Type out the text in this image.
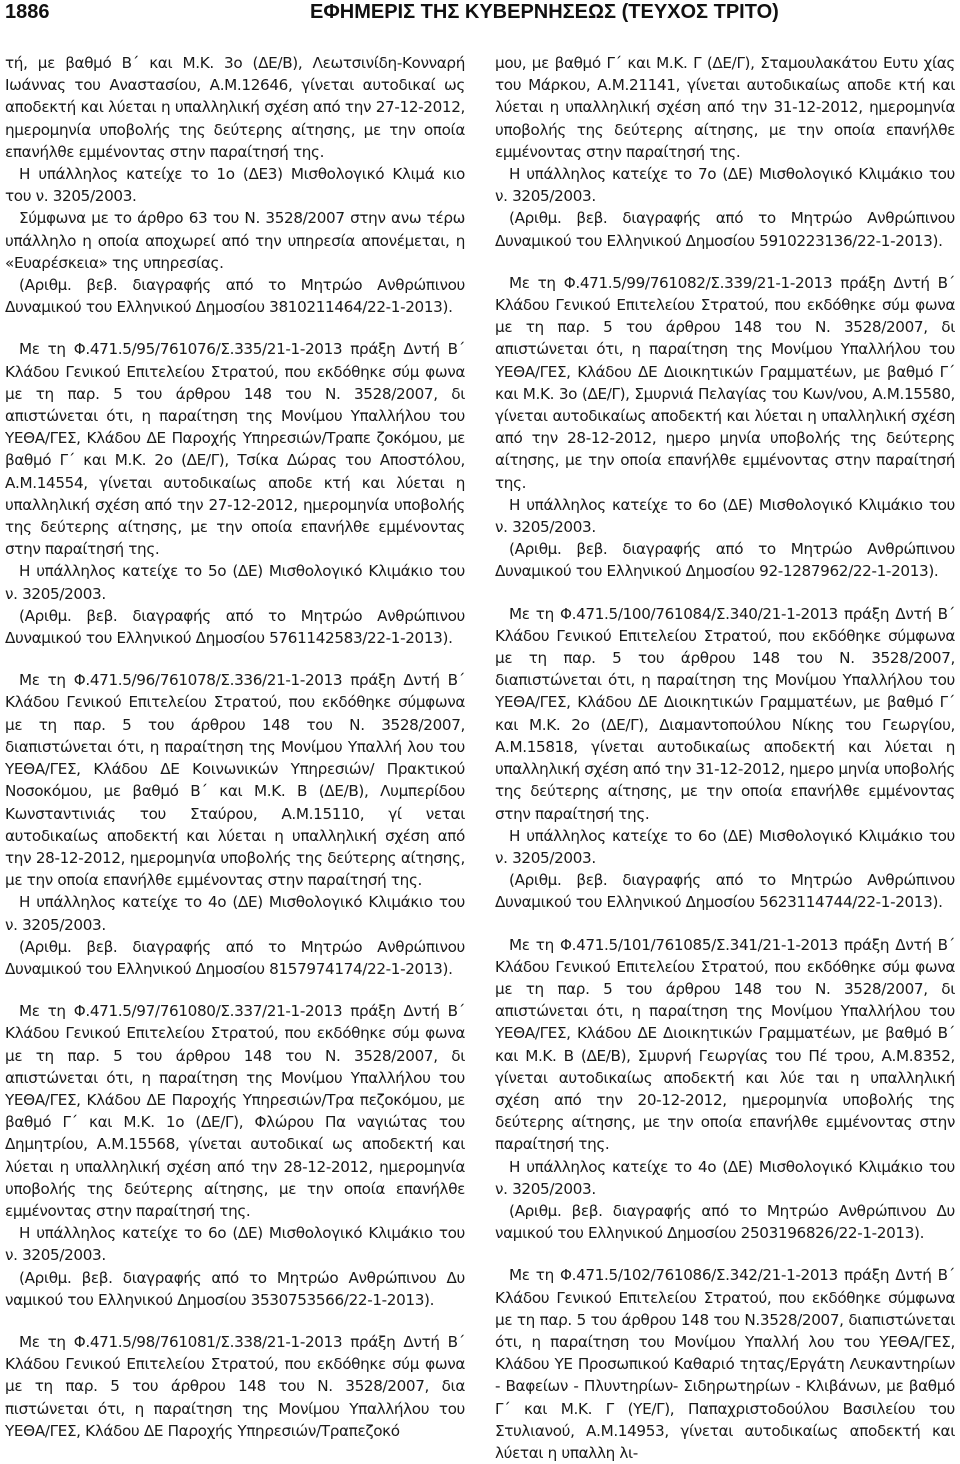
1886	ΕΦΗΜΕΡΙΣ ΤΗΣ ΚΥΒΕΡΝΗΣΕΩΣ (ΤΕΥΧΟΣ ΤΡΙΤΟ)

τή, με βαθμό Β΄ και Μ.Κ. 3ο (ΔΕ/Β), Λεωτσινίδη-Κονναρή Ιωάννας του Αναστασίου, Α.Μ.12646, γίνεται αυτοδικαί ως αποδεκτή και λύεται η υπαλληλική σχέση από την 27-12-2012, ημερομηνία υποβολής της δεύτερης αίτησης, με την οποία επανήλθε εμμένοντας στην παραίτησή της.

Η υπάλληλος κατείχε το 1ο (ΔΕ3) Μισθολογικό Κλιμά κιο του ν. 3205/2003.

Σύμφωνα με το άρθρο 63 του Ν. 3528/2007 στην ανω τέρω υπάλληλο η οποία αποχωρεί από την υπηρεσία απονέμεται, η «Ευαρέσκεια» της υπηρεσίας.

(Αριθμ. βεβ. διαγραφής από το Μητρώο Ανθρώπινου Δυναμικού του Ελληνικού Δημοσίου 3810211464/22-1-2013).

Με τη Φ.471.5/95/761076/Σ.335/21-1-2013 πράξη Δντή Β΄ Κλάδου Γενικού Επιτελείου Στρατού, που εκδόθηκε σύμ φωνα με τη παρ. 5 του άρθρου 148 του Ν. 3528/2007, δι απιστώνεται ότι, η παραίτηση της Μονίμου Υπαλλήλου του ΥΕΘΑ/ΓΕΣ, Κλάδου ΔΕ Παροχής Υπηρεσιών/Τραπε ζοκόμου, με βαθμό Γ΄ και Μ.Κ. 2ο (ΔΕ/Γ), Τσίκα Δώρας του Αποστόλου, Α.Μ.14554, γίνεται αυτοδικαίως αποδε κτή και λύεται η υπαλληλική σχέση από την 27-12-2012, ημερομηνία υποβολής της δεύτερης αίτησης, με την οποία επανήλθε εμμένοντας στην παραίτησή της.

Η υπάλληλος κατείχε το 5ο (ΔΕ) Μισθολογικό Κλιμάκιο του ν. 3205/2003.

(Αριθμ. βεβ. διαγραφής από το Μητρώο Ανθρώπινου Δυναμικού του Ελληνικού Δημοσίου 5761142583/22-1-2013).

Με τη Φ.471.5/96/761078/Σ.336/21-1-2013 πράξη Δντή Β΄ Κλάδου Γενικού Επιτελείου Στρατού, που εκδόθηκε σύμφωνα με τη παρ. 5 του άρθρου 148 του Ν. 3528/2007, διαπιστώνεται ότι, η παραίτηση της Μονίμου Υπαλλή λου του ΥΕΘΑ/ΓΕΣ, Κλάδου ΔΕ Κοινωνικών Υπηρεσιών/ Πρακτικού Νοσοκόμου, με βαθμό Β΄ και Μ.Κ. Β (ΔΕ/Β), Λυμπερίδου Κωνσταντινιάς του Σταύρου, Α.Μ.15110, γί νεται αυτοδικαίως αποδεκτή και λύεται η υπαλληλική σχέση από την 28-12-2012, ημερομηνία υποβολής της δεύτερης αίτησης, με την οποία επανήλθε εμμένοντας στην παραίτησή της.

Η υπάλληλος κατείχε το 4ο (ΔΕ) Μισθολογικό Κλιμάκιο του ν. 3205/2003.

(Αριθμ. βεβ. διαγραφής από το Μητρώο Ανθρώπινου Δυναμικού του Ελληνικού Δημοσίου 8157974174/22-1-2013).

Με τη Φ.471.5/97/761080/Σ.337/21-1-2013 πράξη Δντή Β΄ Κλάδου Γενικού Επιτελείου Στρατού, που εκδόθηκε σύμ φωνα με τη παρ. 5 του άρθρου 148 του Ν. 3528/2007, δι απιστώνεται ότι, η παραίτηση της Μονίμου Υπαλλήλου του ΥΕΘΑ/ΓΕΣ, Κλάδου ΔΕ Παροχής Υπηρεσιών/Τρα πεζοκόμου, με βαθμό Γ΄ και Μ.Κ. 1ο (ΔΕ/Γ), Φλώρου Πα ναγιώτας του Δημητρίου, Α.Μ.15568, γίνεται αυτοδικαί ως αποδεκτή και λύεται η υπαλληλική σχέση από την 28-12-2012, ημερομηνία υποβολής της δεύτερης αίτησης, με την οποία επανήλθε εμμένοντας στην παραίτησή της.

Η υπάλληλος κατείχε το 6ο (ΔΕ) Μισθολογικό Κλιμάκιο του ν. 3205/2003.

(Αριθμ. βεβ. διαγραφής από το Μητρώο Ανθρώπινου Δυ ναμικού του Ελληνικού Δημοσίου 3530753566/22-1-2013).

Με τη Φ.471.5/98/761081/Σ.338/21-1-2013 πράξη Δντή Β΄ Κλάδου Γενικού Επιτελείου Στρατού, που εκδόθηκε σύμ φωνα με τη παρ. 5 του άρθρου 148 του Ν. 3528/2007, δια πιστώνεται ότι, η παραίτηση της Μονίμου Υπαλλήλου του ΥΕΘΑ/ΓΕΣ, Κλάδου ΔΕ Παροχής Υπηρεσιών/Τραπεζοκό

μου, με βαθμό Γ΄ και Μ.Κ. Γ (ΔΕ/Γ), Σταμουλακάτου Ευτυ χίας του Μάρκου, Α.Μ.21141, γίνεται αυτοδικαίως αποδε κτή και λύεται η υπαλληλική σχέση από την 31-12-2012, ημερομηνία υποβολής της δεύτερης αίτησης, με την οποία επανήλθε εμμένοντας στην παραίτησή της.

Η υπάλληλος κατείχε το 7ο (ΔΕ) Μισθολογικό Κλιμάκιο του ν. 3205/2003.

(Αριθμ. βεβ. διαγραφής από το Μητρώο Ανθρώπινου Δυναμικού του Ελληνικού Δημοσίου 5910223136/22-1-2013).

Με τη Φ.471.5/99/761082/Σ.339/21-1-2013 πράξη Δντή Β΄ Κλάδου Γενικού Επιτελείου Στρατού, που εκδόθηκε σύμ φωνα με τη παρ. 5 του άρθρου 148 του Ν. 3528/2007, δι απιστώνεται ότι, η παραίτηση της Μονίμου Υπαλλήλου του ΥΕΘΑ/ΓΕΣ, Κλάδου ΔΕ Διοικητικών Γραμματέων, με βαθμό Γ΄ και Μ.Κ. 3ο (ΔΕ/Γ), Σμυρνιά Πελαγίας του Κων/νου, Α.Μ.15580, γίνεται αυτοδικαίως αποδεκτή και λύεται η υπαλληλική σχέση από την 28-12-2012, ημερο μηνία υποβολής της δεύτερης αίτησης, με την οποία επανήλθε εμμένοντας στην παραίτησή της.

Η υπάλληλος κατείχε το 6ο (ΔΕ) Μισθολογικό Κλιμάκιο του ν. 3205/2003.

(Αριθμ. βεβ. διαγραφής από το Μητρώο Ανθρώπινου Δυναμικού του Ελληνικού Δημοσίου 92-1287962/22-1-2013).

Με τη Φ.471.5/100/761084/Σ.340/21-1-2013 πράξη Δντή Β΄ Κλάδου Γενικού Επιτελείου Στρατού, που εκδόθηκε σύμφωνα με τη παρ. 5 του άρθρου 148 του Ν. 3528/2007, διαπιστώνεται ότι, η παραίτηση της Μονίμου Υπαλλήλου του ΥΕΘΑ/ΓΕΣ, Κλάδου ΔΕ Διοικητικών Γραμματέων, με βαθμό Γ΄ και Μ.Κ. 2ο (ΔΕ/Γ), Διαμαντοπούλου Νίκης του Γεωργίου, Α.Μ.15818, γίνεται αυτοδικαίως αποδεκτή και λύεται η υπαλληλική σχέση από την 31-12-2012, ημερο μηνία υποβολής της δεύτερης αίτησης, με την οποία επανήλθε εμμένοντας στην παραίτησή της.

Η υπάλληλος κατείχε το 6ο (ΔΕ) Μισθολογικό Κλιμάκιο του ν. 3205/2003.

(Αριθμ. βεβ. διαγραφής από το Μητρώο Ανθρώπινου Δυναμικού του Ελληνικού Δημοσίου 5623114744/22-1-2013).

Με τη Φ.471.5/101/761085/Σ.341/21-1-2013 πράξη Δντή Β΄ Κλάδου Γενικού Επιτελείου Στρατού, που εκδόθηκε σύμ φωνα με τη παρ. 5 του άρθρου 148 του Ν. 3528/2007, δι απιστώνεται ότι, η παραίτηση της Μονίμου Υπαλλήλου του ΥΕΘΑ/ΓΕΣ, Κλάδου ΔΕ Διοικητικών Γραμματέων, με βαθμό Β΄ και Μ.Κ. Β (ΔΕ/Β), Σμυρνή Γεωργίας του Πέ τρου, Α.Μ.8352, γίνεται αυτοδικαίως αποδεκτή και λύε ται η υπαλληλική σχέση από την 20-12-2012, ημερομηνία υποβολής της δεύτερης αίτησης, με την οποία επανήλθε εμμένοντας στην παραίτησή της.

Η υπάλληλος κατείχε το 4ο (ΔΕ) Μισθολογικό Κλιμάκιο του ν. 3205/2003.

(Αριθμ. βεβ. διαγραφής από το Μητρώο Ανθρώπινου Δυ ναμικού του Ελληνικού Δημοσίου 2503196826/22-1-2013).

Με τη Φ.471.5/102/761086/Σ.342/21-1-2013 πράξη Δντή Β΄ Κλάδου Γενικού Επιτελείου Στρατού, που εκδόθηκε σύμφωνα με τη παρ. 5 του άρθρου 148 του Ν.3528/2007, διαπιστώνεται ότι, η παραίτηση του Μονίμου Υπαλλή λου του ΥΕΘΑ/ΓΕΣ, Κλάδου ΥΕ Προσωπικού Καθαριό τητας/Εργάτη Λευκαντηρίων - Βαφείων - Πλυντηρίων- Σιδηρωτηρίων - Κλιβάνων, με βαθμό Γ΄ και Μ.Κ. Γ (ΥΕ/Γ), Παπαχριστοδούλου Βασιλείου του Στυλιανού, Α.Μ.14953, γίνεται αυτοδικαίως αποδεκτή και λύεται η υπαλλη λι-
